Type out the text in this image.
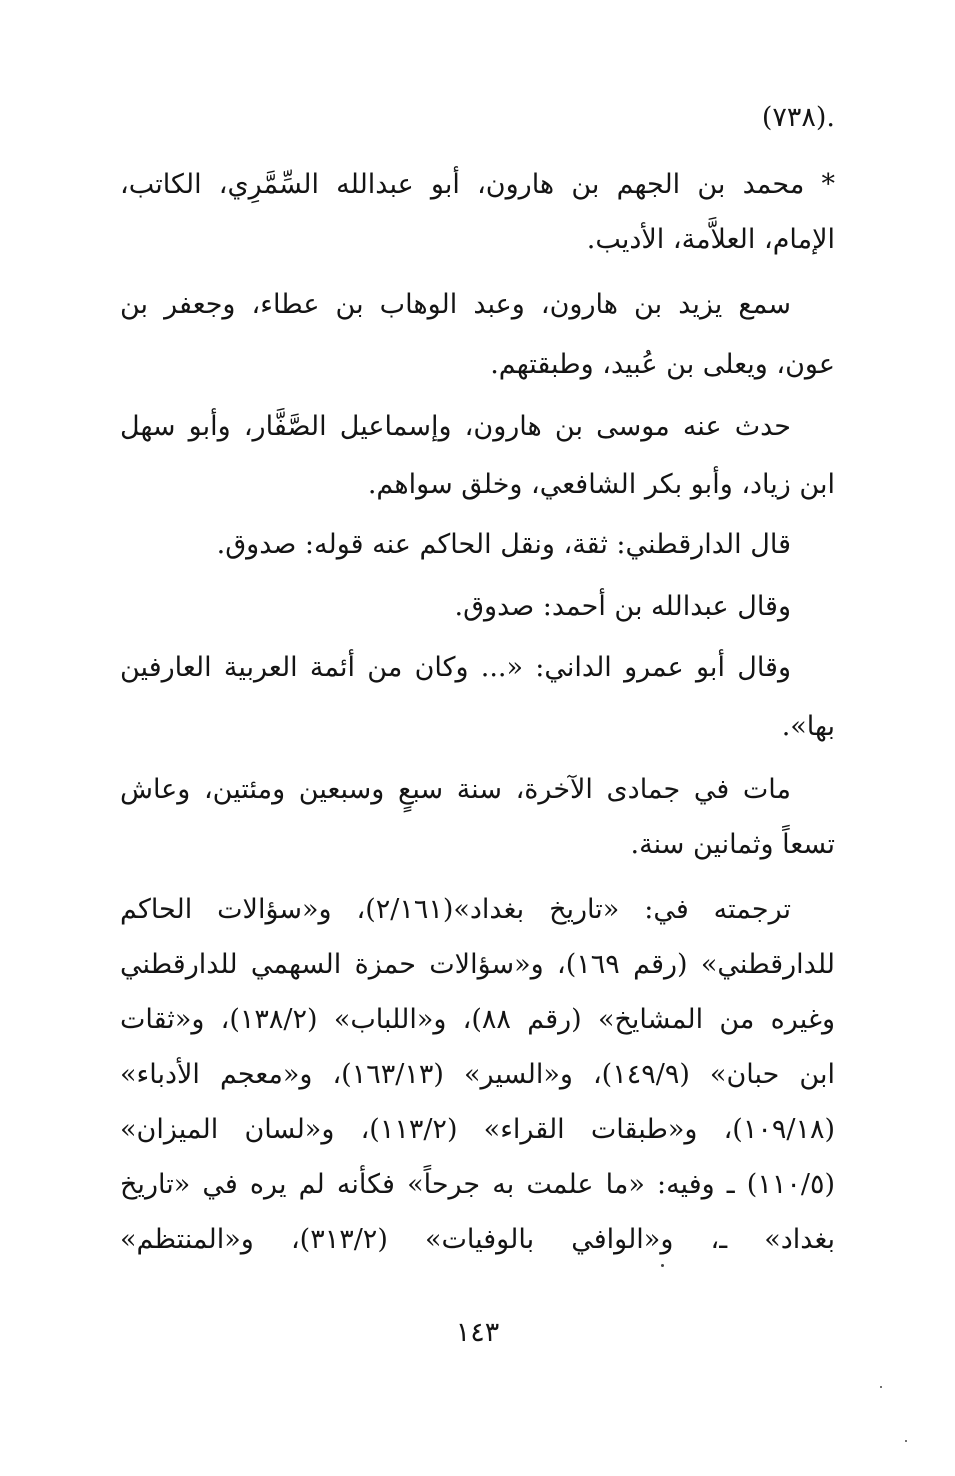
.(٧٣٨)
* محمد بن الجهم بن هارون، أبو عبدالله السِّمَّرِي، الكاتب،
الإمام، العلاَّمة، الأديب.
سمع يزيد بن هارون، وعبد الوهاب بن عطاء، وجعفر بن
عون، ويعلى بن عُبيد، وطبقتهم.
حدث عنه موسى بن هارون، وإسماعيل الصَّفَّار، وأبو سهل
ابن زياد، وأبو بكر الشافعي، وخلق سواهم.
قال الدارقطني: ثقة، ونقل الحاكم عنه قوله: صدوق.
وقال عبدالله بن أحمد: صدوق.
وقال أبو عمرو الداني: «... وكان من أئمة العربية العارفين
بها».
مات في جمادى الآخرة، سنة سبعٍ وسبعين ومئتين، وعاش
تسعاً وثمانين سنة.
ترجمته في: «تاريخ بغداد»(٢/١٦١)، و«سؤالات الحاكم
للدارقطني» (رقم ١٦٩)، و«سؤالات حمزة السهمي للدارقطني
وغيره من المشايخ» (رقم ٨٨)، و«اللباب» (١٣٨/٢)، و«ثقات
ابن حبان» (١٤٩/٩)، و«السير» (١٦٣/١٣)، و«معجم الأدباء»
(١٠٩/١٨)، و«طبقات القراء» (١١٣/٢)، و«لسان الميزان»
(١١٠/٥) ـ وفيه: «ما علمت به جرحاً» فكأنه لم يره في «تاريخ
بغداد» ـ، و«الوافي بالوفيات» (٣١٣/٢)، و«المنتظم»
١٤٣
